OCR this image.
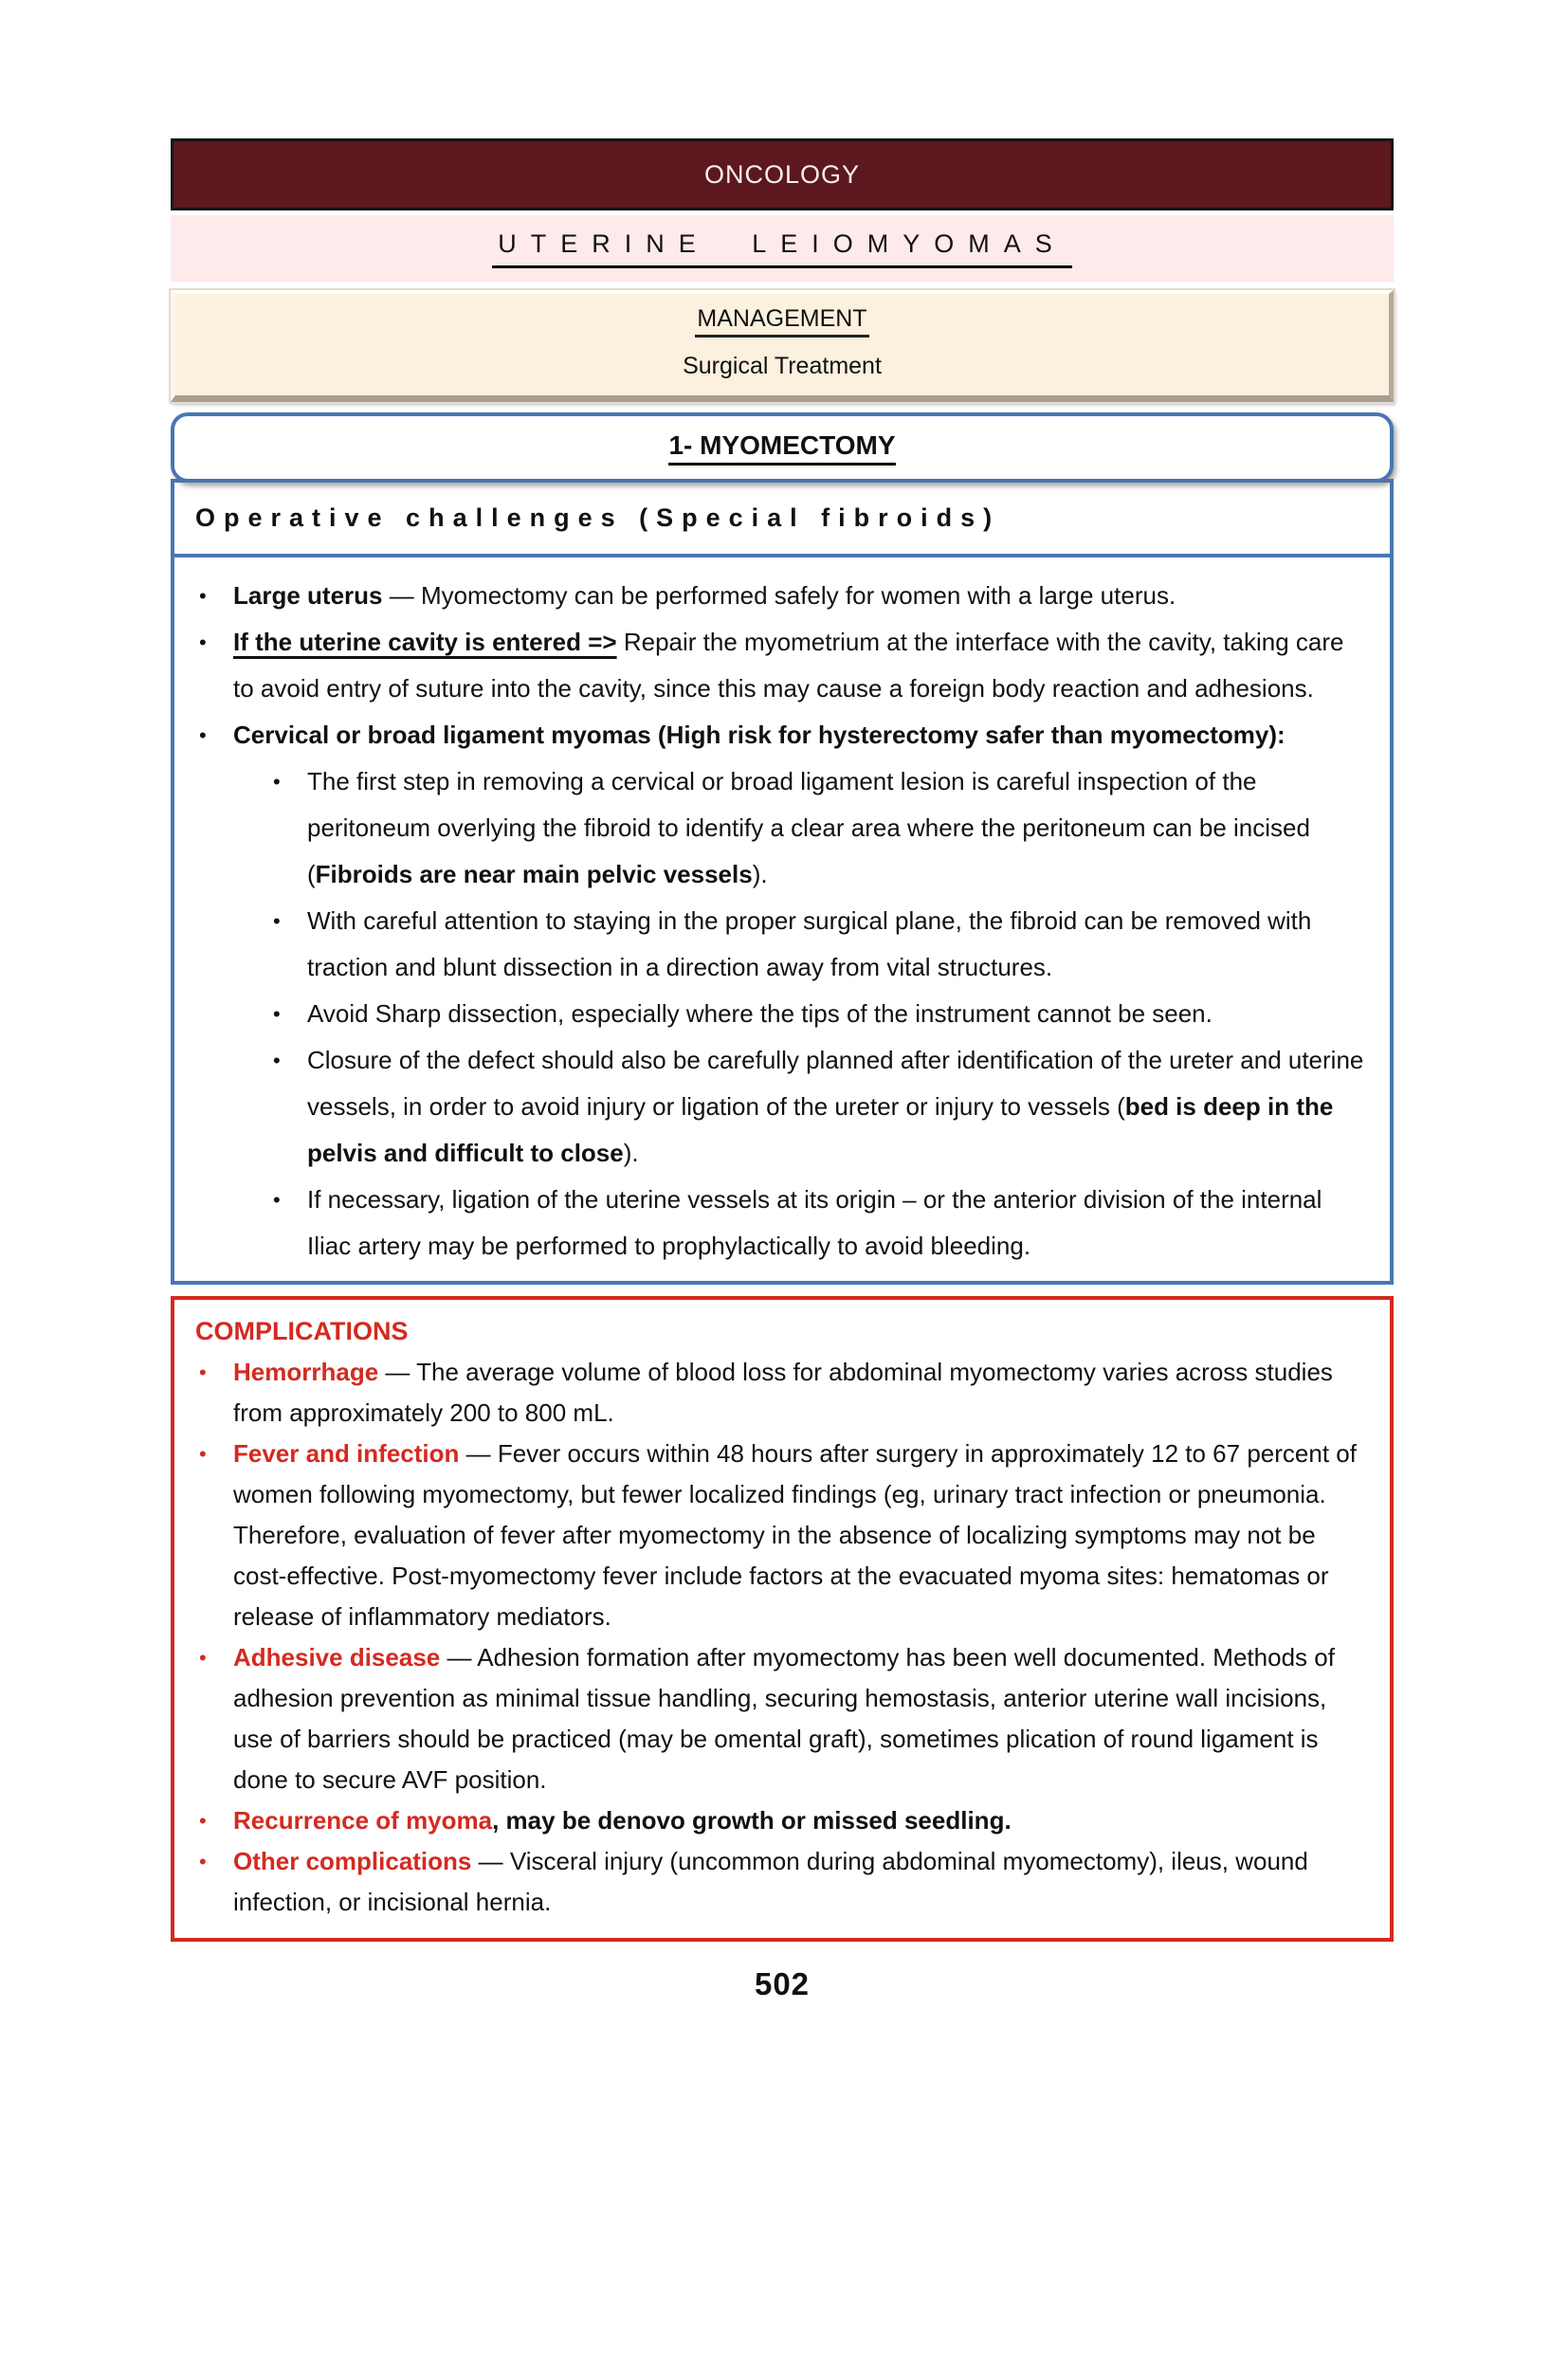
ONCOLOGY
UTERINE LEIOMYOMAS
MANAGEMENT
Surgical Treatment
1- MYOMECTOMY
Operative challenges (Special fibroids)
•	Large uterus — Myomectomy can be performed safely for women with a large uterus.
•	If the uterine cavity is entered => Repair the myometrium at the interface with the cavity, taking care to avoid entry of suture into the cavity, since this may cause a foreign body reaction and adhesions.
•	Cervical or broad ligament myomas (High risk for hysterectomy safer than myomectomy):
•	The first step in removing a cervical or broad ligament lesion is careful inspection of the peritoneum overlying the fibroid to identify a clear area where the peritoneum can be incised (Fibroids are near main pelvic vessels).
•	With careful attention to staying in the proper surgical plane, the fibroid can be removed with traction and blunt dissection in a direction away from vital structures.
•	Avoid Sharp dissection, especially where the tips of the instrument cannot be seen.
•	Closure of the defect should also be carefully planned after identification of the ureter and uterine vessels, in order to avoid injury or ligation of the ureter or injury to vessels (bed is deep in the pelvis and difficult to close).
•	If necessary, ligation of the uterine vessels at its origin – or the anterior division of the internal Iliac artery may be performed to prophylactically to avoid bleeding.
COMPLICATIONS
•	Hemorrhage — The average volume of blood loss for abdominal myomectomy varies across studies from approximately 200 to 800 mL.
•	Fever and infection — Fever occurs within 48 hours after surgery in approximately 12 to 67 percent of women following myomectomy, but fewer localized findings (eg, urinary tract infection or pneumonia. Therefore, evaluation of fever after myomectomy in the absence of localizing symptoms may not be cost-effective. Post-myomectomy fever include factors at the evacuated myoma sites: hematomas or release of inflammatory mediators.
•	Adhesive disease — Adhesion formation after myomectomy has been well documented. Methods of adhesion prevention as minimal tissue handling, securing hemostasis, anterior uterine wall incisions, use of barriers should be practiced (may be omental graft), sometimes plication of round ligament is done to secure AVF position.
•	Recurrence of myoma, may be denovo growth or missed seedling.
•	Other complications — Visceral injury (uncommon during abdominal myomectomy), ileus, wound infection, or incisional hernia.
502
